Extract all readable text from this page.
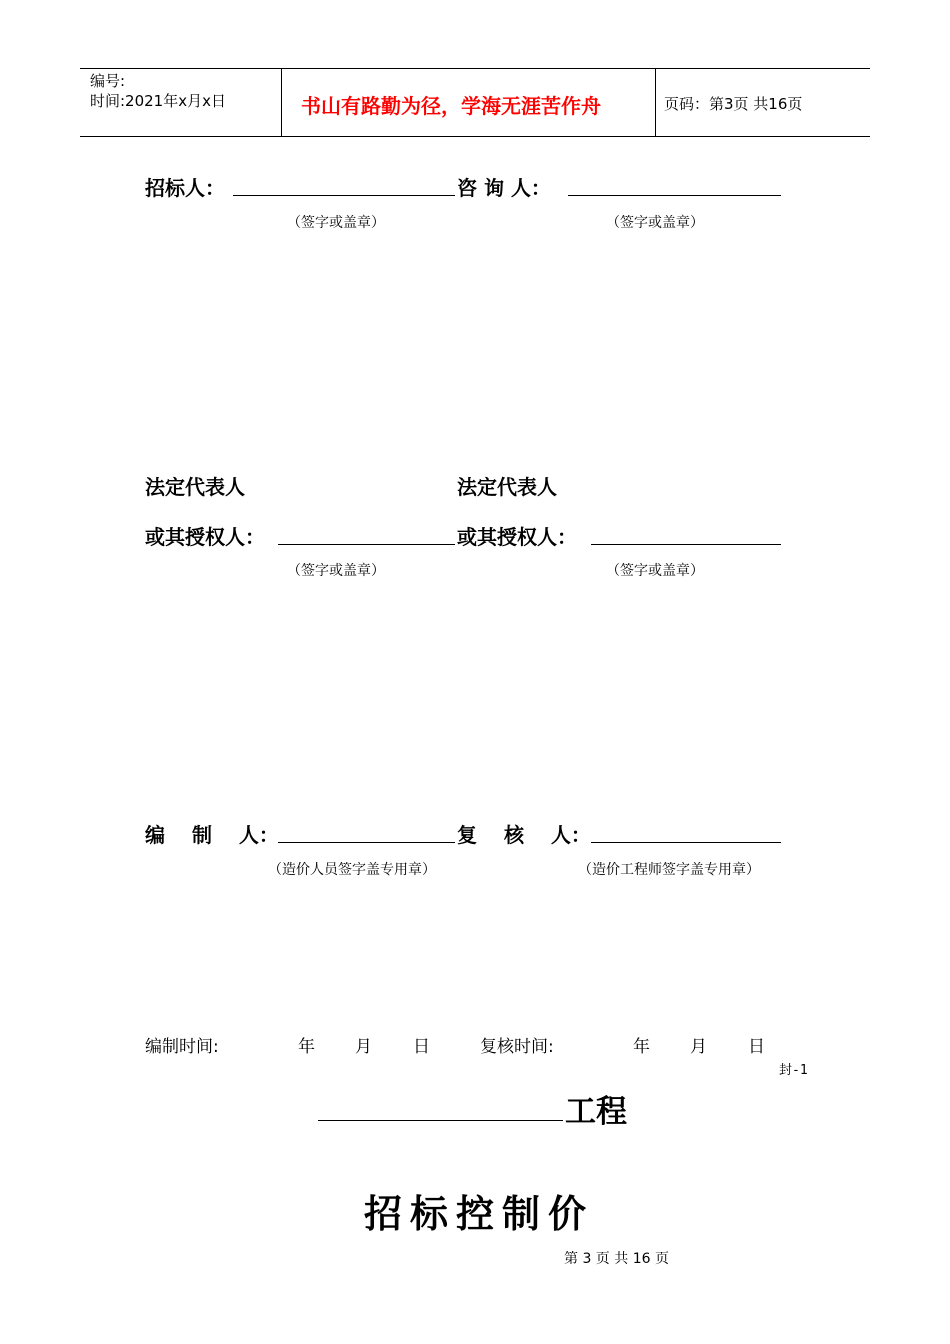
编号:
时间:2021年x月x日	书山有路勤为径，学海无涯苦作舟	页码：第3页 共16页
招标人：	咨 询 人：
（签字或盖章）	（签字或盖章）
法定代表人	法定代表人
或其授权人：	或其授权人：
（签字或盖章）	（签字或盖章）
编　 制　 人：	复　 核　 人：
（造价人员签字盖专用章）	（造价工程师签字盖专用章）
编制时间:	年 月 日	复核时间:	年 月 日
封-1
工程
招标控制价
第 3 页 共 16 页
